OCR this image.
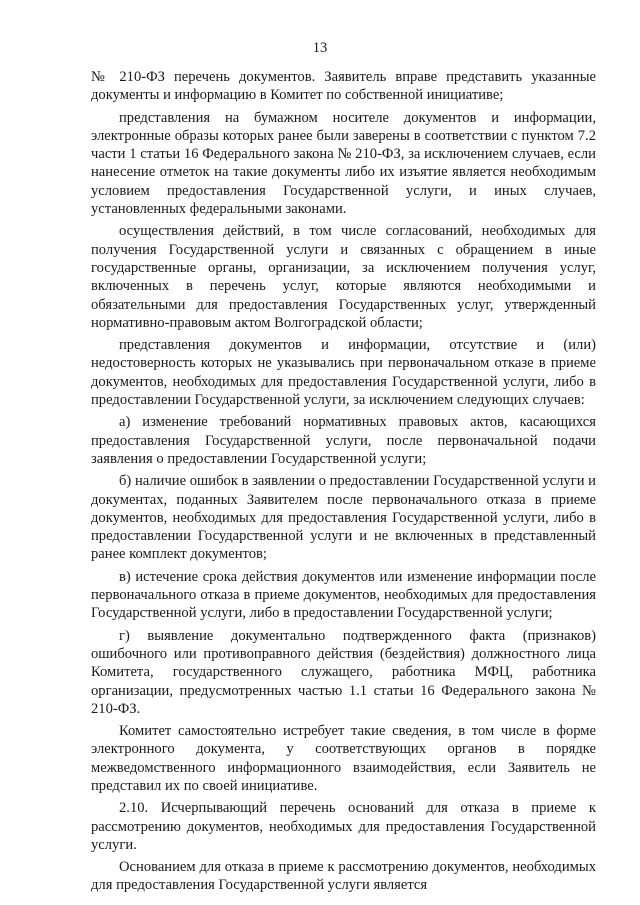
13

№ 210-ФЗ перечень документов. Заявитель вправе представить указанные документы и информацию в Комитет по собственной инициативе;

представления на бумажном носителе документов и информации, электронные образы которых ранее были заверены в соответствии с пунктом 7.2 части 1 статьи 16 Федерального закона № 210-ФЗ, за исключением случаев, если нанесение отметок на такие документы либо их изъятие является необходимым условием предоставления Государственной услуги, и иных случаев, установленных федеральными законами.

осуществления действий, в том числе согласований, необходимых для получения Государственной услуги и связанных с обращением в иные государственные органы, организации, за исключением получения услуг, включенных в перечень услуг, которые являются необходимыми и обязательными для предоставления Государственных услуг, утвержденный нормативно-правовым актом Волгоградской области;

представления документов и информации, отсутствие и (или) недостоверность которых не указывались при первоначальном отказе в приеме документов, необходимых для предоставления Государственной услуги, либо в предоставлении Государственной услуги, за исключением следующих случаев:

а) изменение требований нормативных правовых актов, касающихся предоставления Государственной услуги, после первоначальной подачи заявления о предоставлении Государственной услуги;

б) наличие ошибок в заявлении о предоставлении Государственной услуги и документах, поданных Заявителем после первоначального отказа в приеме документов, необходимых для предоставления Государственной услуги, либо в предоставлении Государственной услуги и не включенных в представленный ранее комплект документов;

в) истечение срока действия документов или изменение информации после первоначального отказа в приеме документов, необходимых для предоставления Государственной услуги, либо в предоставлении Государственной услуги;

г) выявление документально подтвержденного факта (признаков) ошибочного или противоправного действия (бездействия) должностного лица Комитета, государственного служащего, работника МФЦ, работника организации, предусмотренных частью 1.1 статьи 16 Федерального закона № 210-ФЗ.

Комитет самостоятельно истребует такие сведения, в том числе в форме электронного документа, у соответствующих органов в порядке межведомственного информационного взаимодействия, если Заявитель не представил их по своей инициативе.

2.10. Исчерпывающий перечень оснований для отказа в приеме к рассмотрению документов, необходимых для предоставления Государственной услуги.

Основанием для отказа в приеме к рассмотрению документов, необходимых для предоставления Государственной услуги является
